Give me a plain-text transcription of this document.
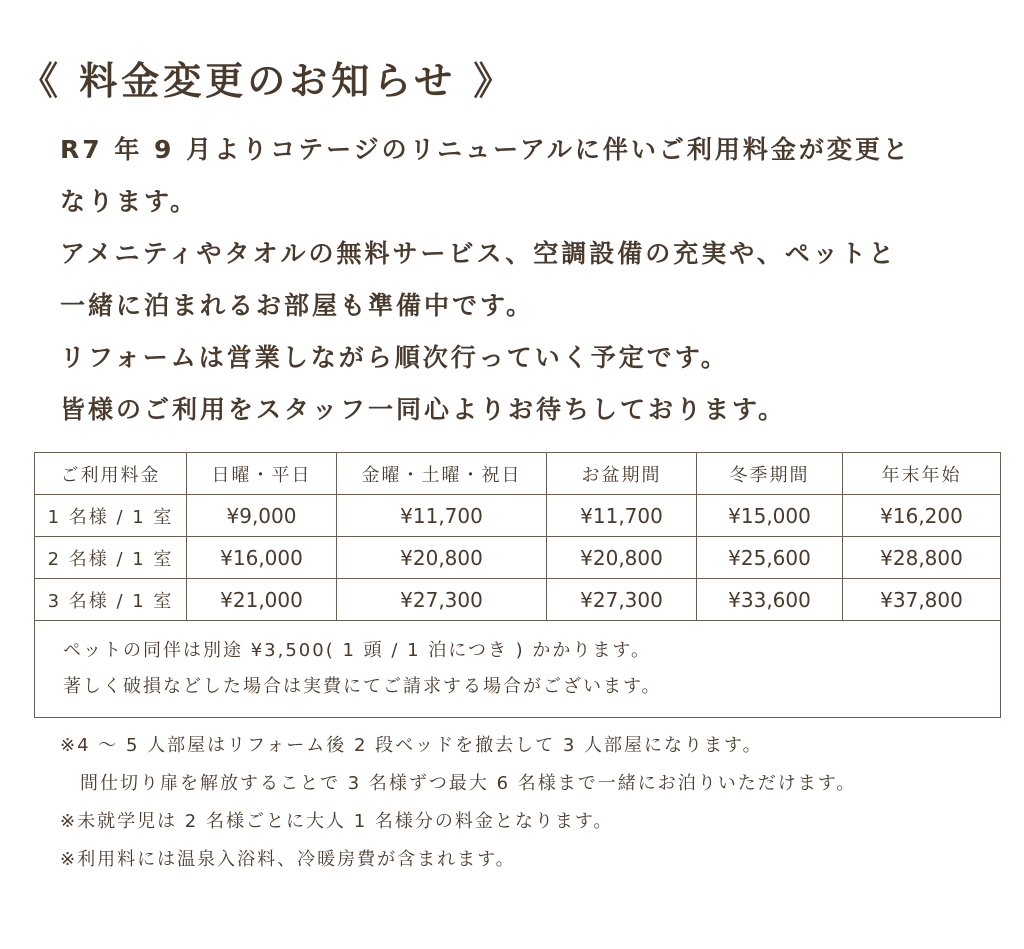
《 料金変更のお知らせ 》
R7 年 9 月よりコテージのリニューアルに伴いご利用料金が変更と
なります。
アメニティやタオルの無料サービス、空調設備の充実や、ペットと
一緒に泊まれるお部屋も準備中です。
リフォームは営業しながら順次行っていく予定です。
皆様のご利用をスタッフ一同心よりお待ちしております。
ご利用料金	日曜・平日	金曜・土曜・祝日	お盆期間	冬季期間	年末年始
1 名様 / 1 室	¥9,000	¥11,700	¥11,700	¥15,000	¥16,200
2 名様 / 1 室	¥16,000	¥20,800	¥20,800	¥25,600	¥28,800
3 名様 / 1 室	¥21,000	¥27,300	¥27,300	¥33,600	¥37,800

ペットの同伴は別途 ¥3,500( 1 頭 / 1 泊につき ) かかります。
著しく破損などした場合は実費にてご請求する場合がございます。					
※4 〜 5 人部屋はリフォーム後 2 段ベッドを撤去して 3 人部屋になります。
間仕切り扉を解放することで 3 名様ずつ最大 6 名様まで一緒にお泊りいただけます。
※未就学児は 2 名様ごとに大人 1 名様分の料金となります。
※利用料には温泉入浴料、冷暖房費が含まれます。
